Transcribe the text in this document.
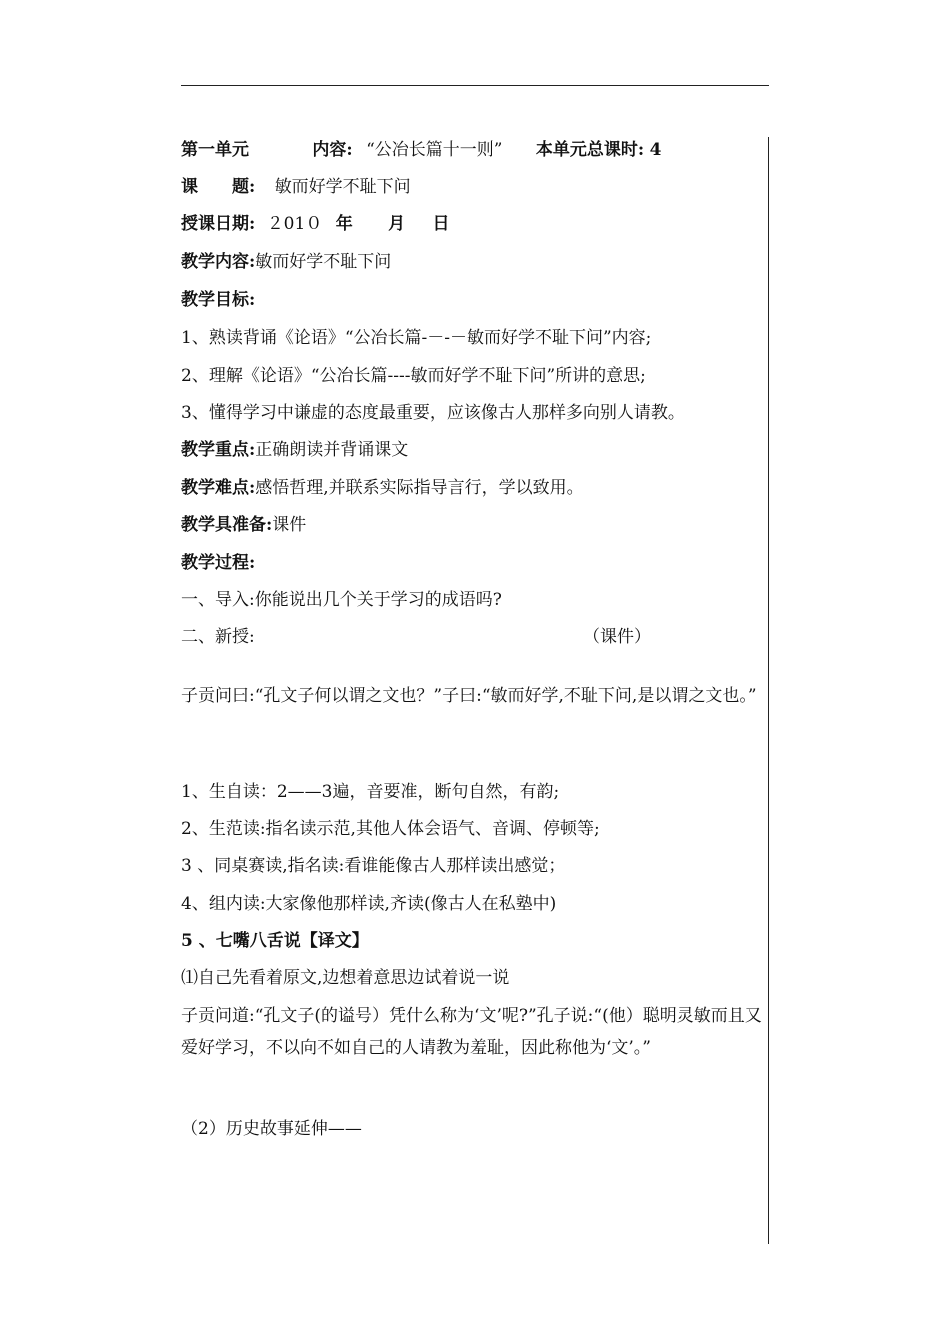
第一单元	内容: “公冶长篇十一则” 本单元总课时: 4
课　　题: 敏而好学不耻下问
授课日期: ２01０ 年 月 日
教学内容:敏而好学不耻下问
教学目标:
1、熟读背诵《论语》“公冶长篇-－-－敏而好学不耻下问”内容;
2、理解《论语》“公冶长篇----敏而好学不耻下问”所讲的意思;
3、懂得学习中谦虚的态度最重要，应该像古人那样多向别人请教。
教学重点:正确朗读并背诵课文
教学难点:感悟哲理,并联系实际指导言行，学以致用。
教学具准备:课件
教学过程:
一、导入:你能说出几个关于学习的成语吗?
二、新授:	（课件）
子贡问曰:“孔文子何以谓之文也？”子曰:“敏而好学,不耻下问,是以谓之文也。”
1、生自读：2——3遍，音要准，断句自然，有韵;
2、生范读:指名读示范,其他人体会语气、音调、停顿等;
3 、同桌赛读,指名读:看谁能像古人那样读出感觉；
4、组内读:大家像他那样读,齐读(像古人在私塾中)
5 、七嘴八舌说【译文】
⑴自己先看着原文,边想着意思边试着说一说
子贡问道:“孔文子(的谥号）凭什么称为‘文’呢?”孔子说:“(他）聪明灵敏而且又爱好学习，不以向不如自己的人请教为羞耻，因此称他为‘文’。”
（2）历史故事延伸——
